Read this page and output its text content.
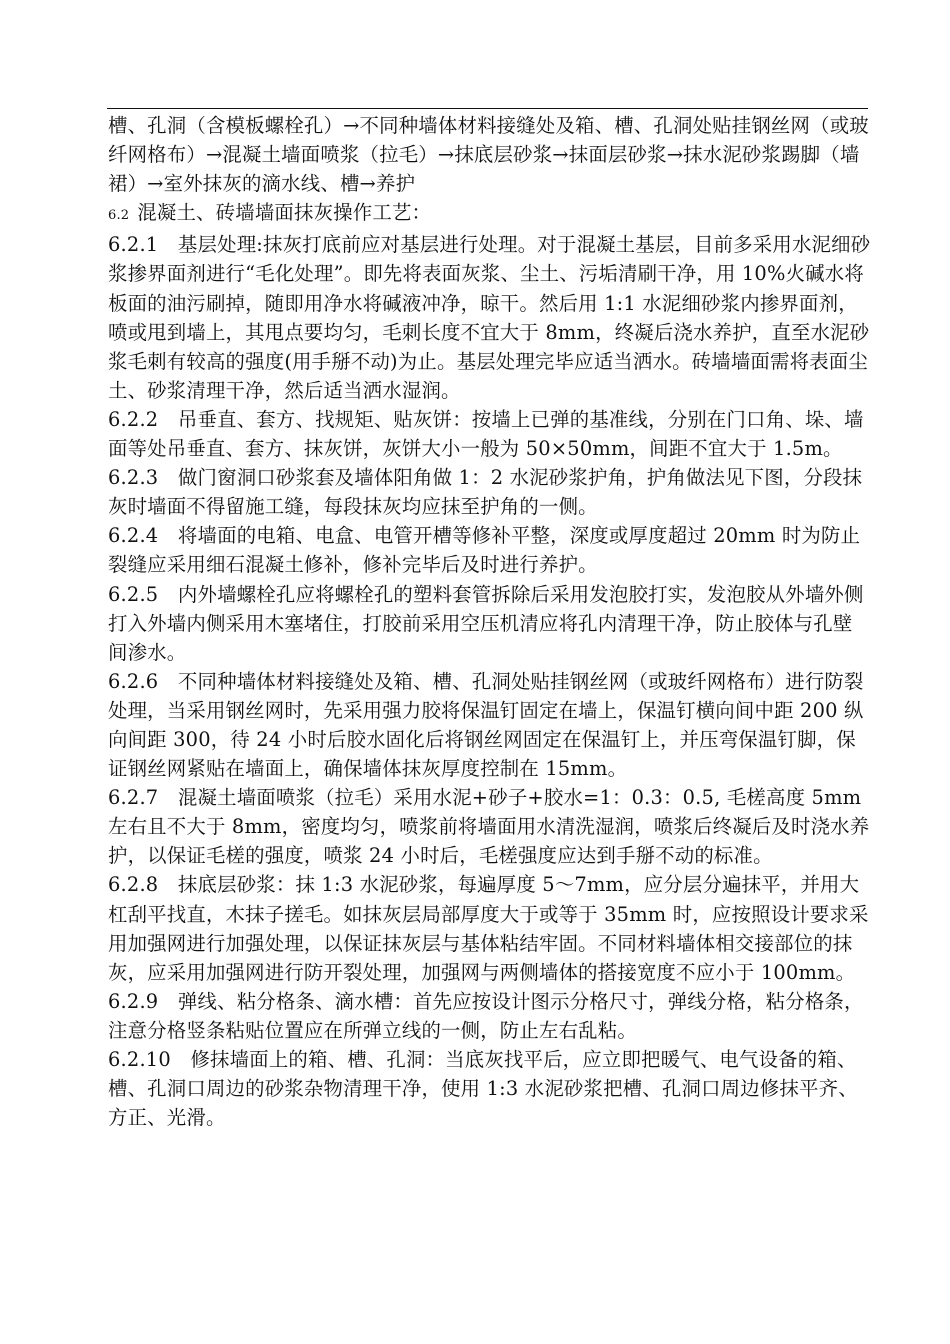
槽、孔洞（含模板螺栓孔）→不同种墙体材料接缝处及箱、槽、孔洞处贴挂钢丝网（或玻纤网格布）→混凝土墙面喷浆（拉毛）→抹底层砂浆→抹面层砂浆→抹水泥砂浆踢脚（墙裙）→室外抹灰的滴水线、槽→养护

6.2 混凝土、砖墙墙面抹灰操作工艺：

6.2.1　基层处理:抹灰打底前应对基层进行处理。对于混凝土基层，目前多采用水泥细砂浆掺界面剂进行“毛化处理”。即先将表面灰浆、尘土、污垢清刷干净，用 10%火碱水将板面的油污刷掉，随即用净水将碱液冲净，晾干。然后用 1:1 水泥细砂浆内掺界面剂，喷或甩到墙上，其甩点要均匀，毛刺长度不宜大于 8mm，终凝后浇水养护，直至水泥砂浆毛刺有较高的强度(用手掰不动)为止。基层处理完毕应适当洒水。砖墙墙面需将表面尘土、砂浆清理干净，然后适当洒水湿润。

6.2.2　吊垂直、套方、找规矩、贴灰饼：按墙上已弹的基准线，分别在门口角、垛、墙面等处吊垂直、套方、抹灰饼，灰饼大小一般为 50×50mm，间距不宜大于 1.5m。

6.2.3　做门窗洞口砂浆套及墙体阳角做 1：2 水泥砂浆护角，护角做法见下图，分段抹灰时墙面不得留施工缝，每段抹灰均应抹至护角的一侧。

6.2.4　将墙面的电箱、电盒、电管开槽等修补平整，深度或厚度超过 20mm 时为防止裂缝应采用细石混凝土修补，修补完毕后及时进行养护。

6.2.5　内外墙螺栓孔应将螺栓孔的塑料套管拆除后采用发泡胶打实，发泡胶从外墙外侧打入外墙内侧采用木塞堵住，打胶前采用空压机清应将孔内清理干净，防止胶体与孔壁间渗水。

6.2.6　不同种墙体材料接缝处及箱、槽、孔洞处贴挂钢丝网（或玻纤网格布）进行防裂处理，当采用钢丝网时，先采用强力胶将保温钉固定在墙上，保温钉横向间中距 200 纵向间距 300，待 24 小时后胶水固化后将钢丝网固定在保温钉上，并压弯保温钉脚，保证钢丝网紧贴在墙面上，确保墙体抹灰厚度控制在 15mm。

6.2.7　混凝土墙面喷浆（拉毛）采用水泥+砂子+胶水=1：0.3：0.5, 毛槎高度 5mm 左右且不大于 8mm，密度均匀，喷浆前将墙面用水清洗湿润，喷浆后终凝后及时浇水养护，以保证毛槎的强度，喷浆 24 小时后，毛槎强度应达到手掰不动的标准。

6.2.8　抹底层砂浆：抹 1:3 水泥砂浆，每遍厚度 5～7mm，应分层分遍抹平，并用大杠刮平找直，木抹子搓毛。如抹灰层局部厚度大于或等于 35mm 时，应按照设计要求采用加强网进行加强处理，以保证抹灰层与基体粘结牢固。不同材料墙体相交接部位的抹灰，应采用加强网进行防开裂处理，加强网与两侧墙体的搭接宽度不应小于 100mm。

6.2.9　弹线、粘分格条、滴水槽：首先应按设计图示分格尺寸，弹线分格，粘分格条，注意分格竖条粘贴位置应在所弹立线的一侧，防止左右乱粘。

6.2.10　修抹墙面上的箱、槽、孔洞：当底灰找平后，应立即把暖气、电气设备的箱、槽、孔洞口周边的砂浆杂物清理干净，使用 1:3 水泥砂浆把槽、孔洞口周边修抹平齐、方正、光滑。
